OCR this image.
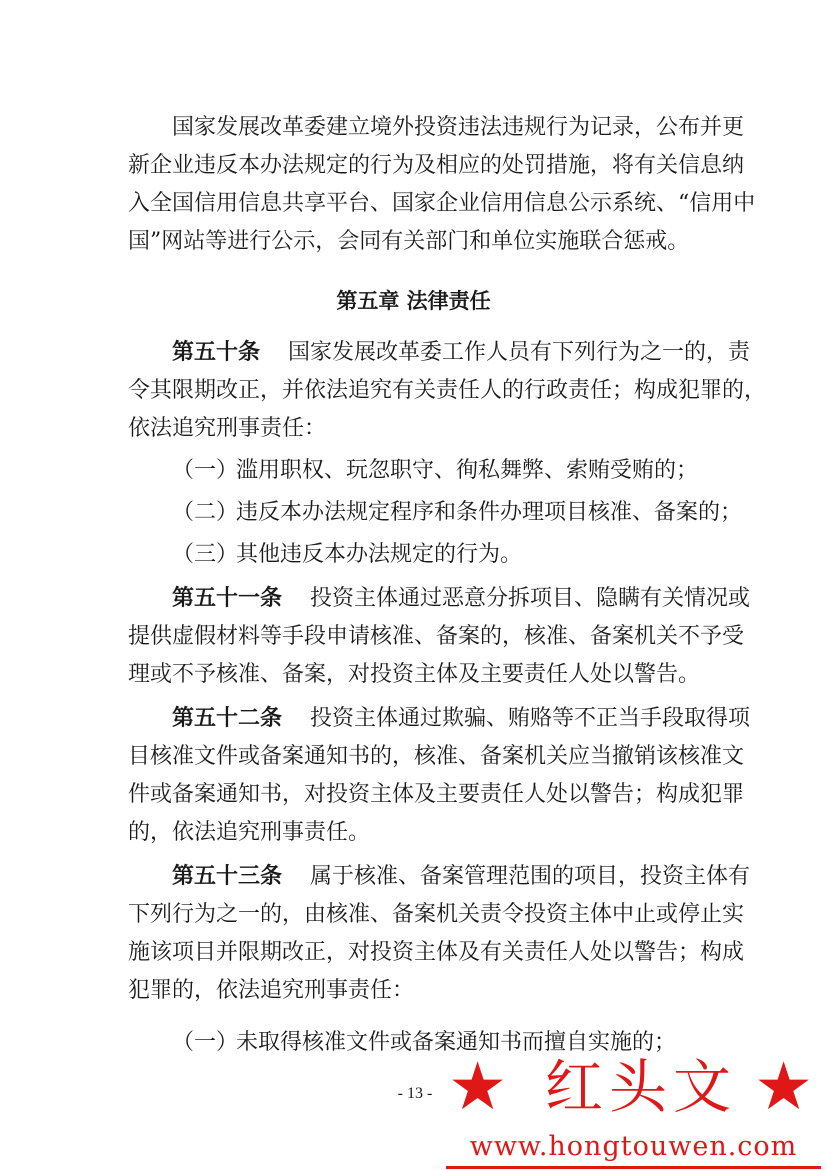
国家发展改革委建立境外投资违法违规行为记录，公布并更
新企业违反本办法规定的行为及相应的处罚措施，将有关信息纳
入全国信用信息共享平台、国家企业信用信息公示系统、“信用中
国”网站等进行公示，会同有关部门和单位实施联合惩戒。
第五章 法律责任
第五十条 国家发展改革委工作人员有下列行为之一的，责
令其限期改正，并依法追究有关责任人的行政责任；构成犯罪的，
依法追究刑事责任：
（一）滥用职权、玩忽职守、徇私舞弊、索贿受贿的；
（二）违反本办法规定程序和条件办理项目核准、备案的；
（三）其他违反本办法规定的行为。
第五十一条 投资主体通过恶意分拆项目、隐瞒有关情况或
提供虚假材料等手段申请核准、备案的，核准、备案机关不予受
理或不予核准、备案，对投资主体及主要责任人处以警告。
第五十二条 投资主体通过欺骗、贿赂等不正当手段取得项
目核准文件或备案通知书的，核准、备案机关应当撤销该核准文
件或备案通知书，对投资主体及主要责任人处以警告；构成犯罪
的，依法追究刑事责任。
第五十三条 属于核准、备案管理范围的项目，投资主体有
下列行为之一的，由核准、备案机关责令投资主体中止或停止实
施该项目并限期改正，对投资主体及有关责任人处以警告；构成
犯罪的，依法追究刑事责任：
（一）未取得核准文件或备案通知书而擅自实施的；
- 13 - ★ 红头文 ★
www.hongtouwen.com
